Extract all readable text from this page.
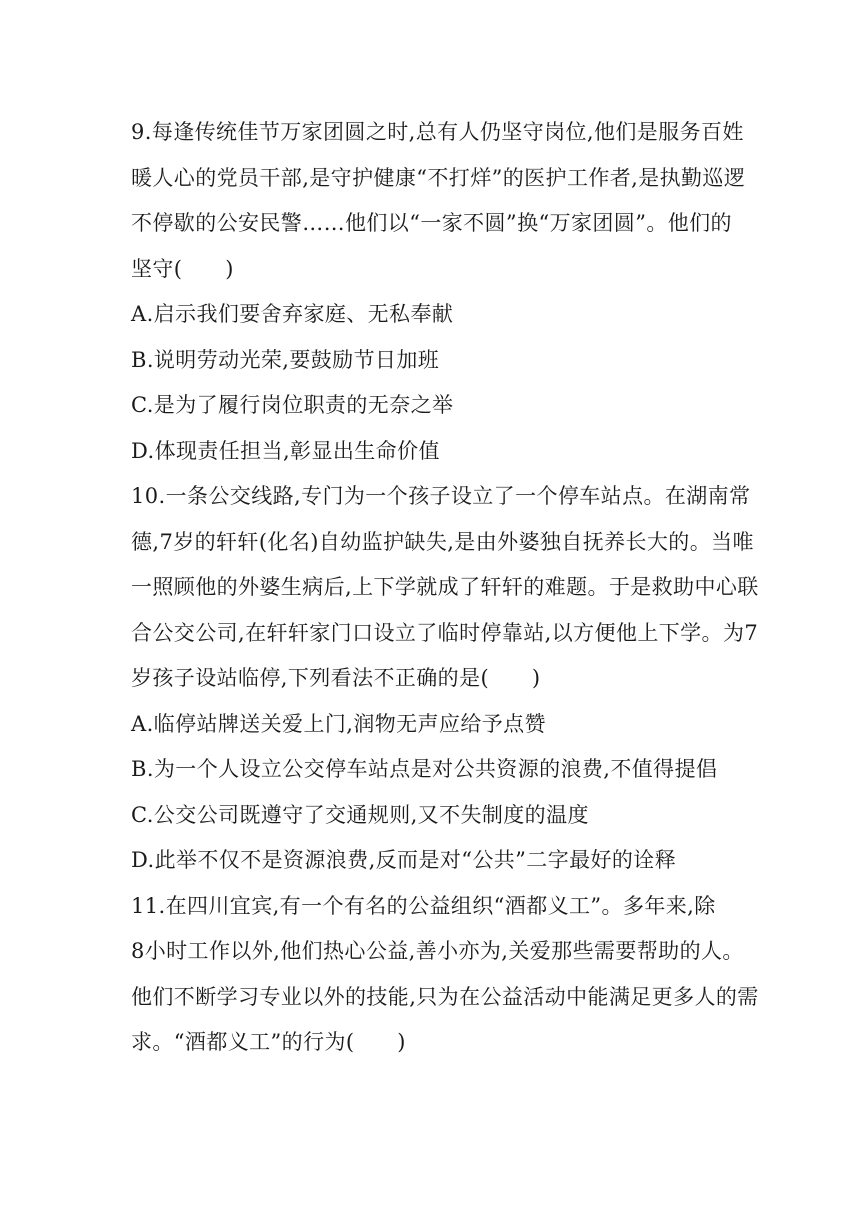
9.每逢传统佳节万家团圆之时,总有人仍坚守岗位,他们是服务百姓
暖人心的党员干部,是守护健康“不打烊”的医护工作者,是执勤巡逻
不停歇的公安民警……他们以“一家不圆”换“万家团圆”。他们的
坚守(　　)
A.启示我们要舍弃家庭、无私奉献
B.说明劳动光荣,要鼓励节日加班
C.是为了履行岗位职责的无奈之举
D.体现责任担当,彰显出生命价值
10.一条公交线路,专门为一个孩子设立了一个停车站点。在湖南常
德,7岁的轩轩(化名)自幼监护缺失,是由外婆独自抚养长大的。当唯
一照顾他的外婆生病后,上下学就成了轩轩的难题。于是救助中心联
合公交公司,在轩轩家门口设立了临时停靠站,以方便他上下学。为7
岁孩子设站临停,下列看法不正确的是(　　)
A.临停站牌送关爱上门,润物无声应给予点赞
B.为一个人设立公交停车站点是对公共资源的浪费,不值得提倡
C.公交公司既遵守了交通规则,又不失制度的温度
D.此举不仅不是资源浪费,反而是对“公共”二字最好的诠释
11.在四川宜宾,有一个有名的公益组织“酒都义工”。多年来,除
8小时工作以外,他们热心公益,善小亦为,关爱那些需要帮助的人。
他们不断学习专业以外的技能,只为在公益活动中能满足更多人的需
求。“酒都义工”的行为(　　)
